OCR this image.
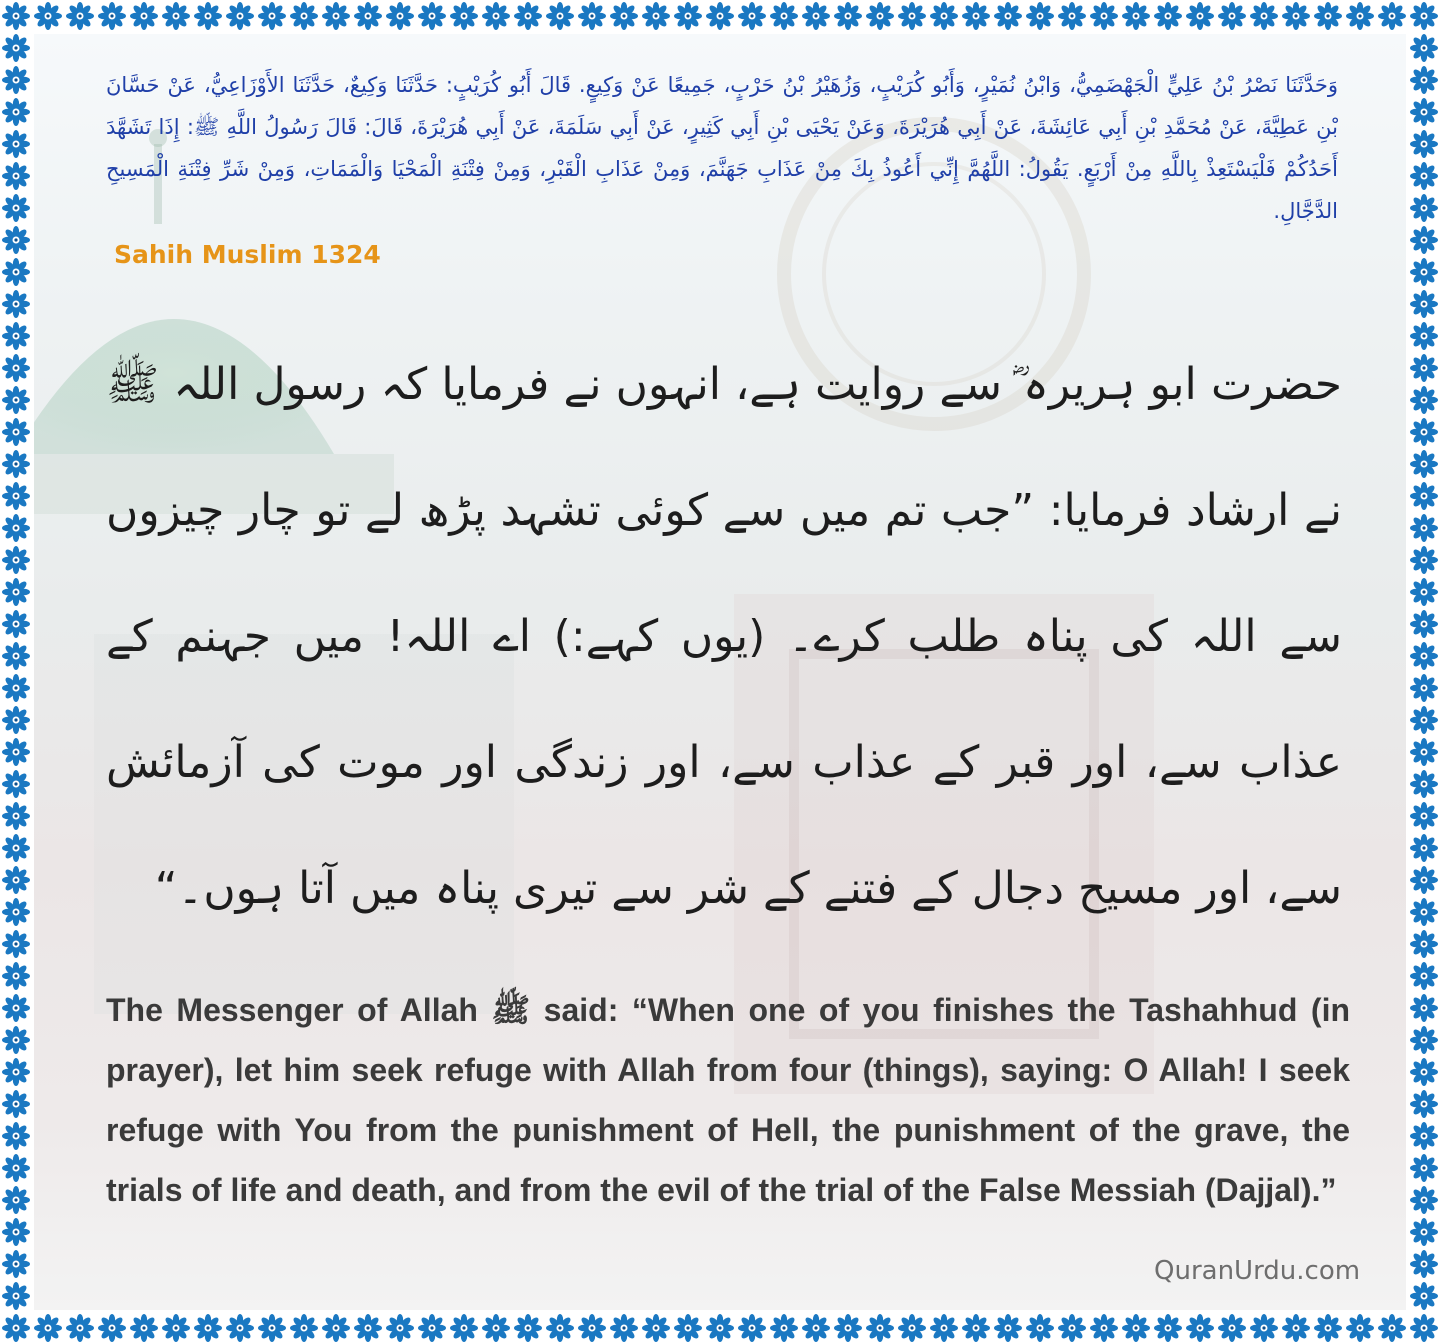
وَحَدَّثَنَا نَصْرُ بْنُ عَلِيٍّ الْجَهْضَمِيُّ، وَابْنُ نُمَيْرٍ، وَأَبُو كُرَيْبٍ، وَزُهَيْرُ بْنُ حَرْبٍ، جَمِيعًا عَنْ وَكِيعٍ. قَالَ أَبُو كُرَيْبٍ: حَدَّثَنَا وَكِيعٌ، حَدَّثَنَا الأَوْزَاعِيُّ، عَنْ حَسَّانَ بْنِ عَطِيَّةَ، عَنْ مُحَمَّدِ بْنِ أَبِي عَائِشَةَ، عَنْ أَبِي هُرَيْرَةَ، وَعَنْ يَحْيَى بْنِ أَبِي كَثِيرٍ، عَنْ أَبِي سَلَمَةَ، عَنْ أَبِي هُرَيْرَةَ، قَالَ: قَالَ رَسُولُ اللَّهِ ﷺ: إِذَا تَشَهَّدَ أَحَدُكُمْ فَلْيَسْتَعِذْ بِاللَّهِ مِنْ أَرْبَعٍ. يَقُولُ: اللَّهُمَّ إِنِّي أَعُوذُ بِكَ مِنْ عَذَابِ جَهَنَّمَ، وَمِنْ عَذَابِ الْقَبْرِ، وَمِنْ فِتْنَةِ الْمَحْيَا وَالْمَمَاتِ، وَمِنْ شَرِّ فِتْنَةِ الْمَسِيحِ الدَّجَّالِ.

Sahih Muslim 1324

حضرت ابو ہریرہ ؓ سے روایت ہے، انہوں نے فرمایا کہ رسول اللہ ﷺ نے ارشاد فرمایا: ”جب تم میں سے کوئی تشہد پڑھ لے تو چار چیزوں سے اللہ کی پناہ طلب کرے۔ (یوں کہے:) اے اللہ! میں جہنم کے عذاب سے، اور قبر کے عذاب سے، اور زندگی اور موت کی آزمائش سے، اور مسیح دجال کے فتنے کے شر سے تیری پناہ میں آتا ہوں۔“

The Messenger of Allah ﷺ said: “When one of you finishes the Tashahhud (in prayer), let him seek refuge with Allah from four (things), saying: O Allah! I seek refuge with You from the punishment of Hell, the punishment of the grave, the trials of life and death, and from the evil of the trial of the False Messiah (Dajjal).”

QuranUrdu.com
